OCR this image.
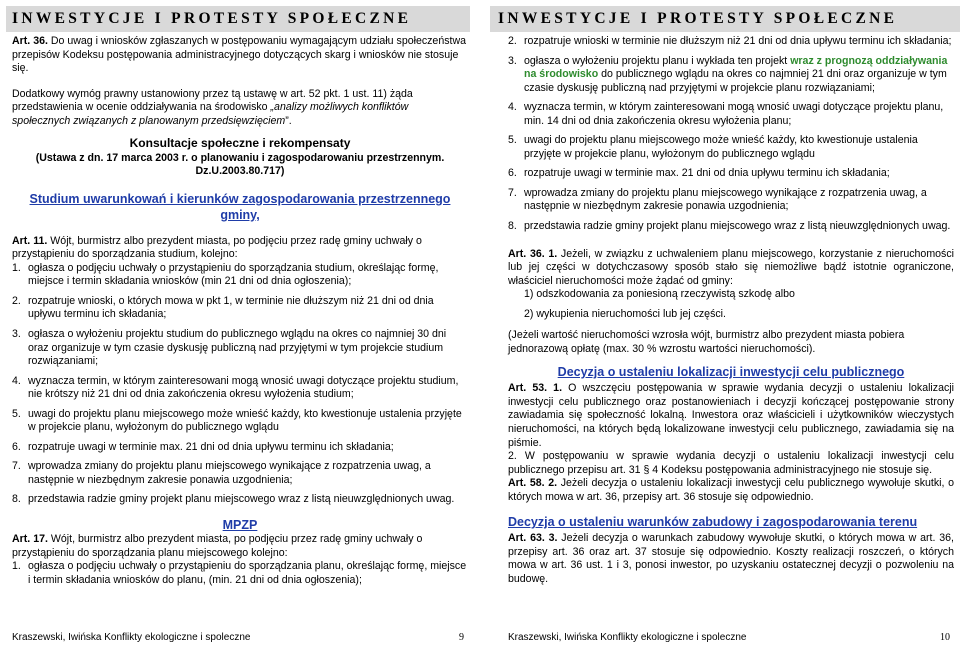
INWESTYCJE I PROTESTY SPOŁECZNE

Art. 36. Do uwag i wniosków zgłaszanych w postępowaniu wymagającym udziału społeczeństwa przepisów Kodeksu postępowania administracyjnego dotyczących skarg i wniosków nie stosuje się.

Dodatkowy wymóg prawny ustanowiony przez tą ustawę w art. 52 pkt. 1 ust. 11) żąda przedstawienia w ocenie oddziaływania na środowisko „analizy możliwych konfliktów społecznych związanych z planowanym przedsięwzięciem”.

Konsultacje społeczne i rekompensaty
(Ustawa z dn. 17 marca 2003 r. o planowaniu i zagospodarowaniu przestrzennym. Dz.U.2003.80.717)
Studium uwarunkowań i kierunków zagospodarowania przestrzennego gminy,

Art. 11. Wójt, burmistrz albo prezydent miasta, po podjęciu przez radę gminy uchwały o przystąpieniu do sporządzania studium, kolejno:

1. ogłasza o podjęciu uchwały o przystąpieniu do sporządzania studium, określając formę, miejsce i termin składania wniosków (min 21 dni od dnia ogłoszenia);
2. rozpatruje wnioski, o których mowa w pkt 1, w terminie nie dłuższym niż 21 dni od dnia upływu terminu ich składania;
3. ogłasza o wyłożeniu projektu studium do publicznego wglądu na okres co najmniej 30 dni oraz organizuje w tym czasie dyskusję publiczną nad przyjętymi w tym projekcie studium rozwiązaniami;
4. wyznacza termin, w którym zainteresowani mogą wnosić uwagi dotyczące projektu studium, nie krótszy niż 21 dni od dnia zakończenia okresu wyłożenia studium;
5. uwagi do projektu planu miejscowego może wnieść każdy, kto kwestionuje ustalenia przyjęte w projekcie planu, wyłożonym do publicznego wglądu
6. rozpatruje uwagi w terminie max. 21 dni od dnia upływu terminu ich składania;
7. wprowadza zmiany do projektu planu miejscowego wynikające z rozpatrzenia uwag, a następnie w niezbędnym zakresie ponawia uzgodnienia;
8. przedstawia radzie gminy projekt planu miejscowego wraz z listą nieuwzględnionych uwag.
MPZP

Art. 17. Wójt, burmistrz albo prezydent miasta, po podjęciu przez radę gminy uchwały o przystąpieniu do sporządzania planu miejscowego kolejno:

1. ogłasza o podjęciu uchwały o przystąpieniu do sporządzania planu, określając formę, miejsce i termin składania wniosków do planu, (min. 21 dni od dnia ogłoszenia);
Kraszewski, Iwińska Konflikty ekologiczne i spoleczne	9
INWESTYCJE I PROTESTY SPOŁECZNE
2. rozpatruje wnioski w terminie nie dłuższym niż 21 dni od dnia upływu terminu ich składania;
3. ogłasza o wyłożeniu projektu planu i wykłada ten projekt wraz z prognozą oddziaływania na środowisko do publicznego wglądu na okres co najmniej 21 dni oraz organizuje w tym czasie dyskusję publiczną nad przyjętymi w projekcie planu rozwiązaniami;
4. wyznacza termin, w którym zainteresowani mogą wnosić uwagi dotyczące projektu planu, min. 14 dni od dnia zakończenia okresu wyłożenia planu;
5. uwagi do projektu planu miejscowego może wnieść każdy, kto kwestionuje ustalenia przyjęte w projekcie planu, wyłożonym do publicznego wglądu
6. rozpatruje uwagi w terminie max. 21 dni od dnia upływu terminu ich składania;
7. wprowadza zmiany do projektu planu miejscowego wynikające z rozpatrzenia uwag, a następnie w niezbędnym zakresie ponawia uzgodnienia;
8. przedstawia radzie gminy projekt planu miejscowego wraz z listą nieuwzględnionych uwag.

Art. 36. 1. Jeżeli, w związku z uchwaleniem planu miejscowego, korzystanie z nieruchomości lub jej części w dotychczasowy sposób stało się niemożliwe bądź istotnie ograniczone, właściciel nieruchomości może żądać od gminy:

1) odszkodowania za poniesioną rzeczywistą szkodę albo

2) wykupienia nieruchomości lub jej części.

(Jeżeli wartość nieruchomości wzrosła wójt, burmistrz albo prezydent miasta pobiera jednorazową opłatę (max. 30 % wzrostu wartości nieruchomości).

Decyzja o ustaleniu lokalizacji inwestycji celu publicznego

Art. 53. 1. O wszczęciu postępowania w sprawie wydania decyzji o ustaleniu lokalizacji inwestycji celu publicznego oraz postanowieniach i decyzji kończącej postępowanie strony zawiadamia się społeczność lokalną. Inwestora oraz właścicieli i użytkowników wieczystych nieruchomości, na których będą lokalizowane inwestycji celu publicznego, zawiadamia się na piśmie.

2. W postępowaniu w sprawie wydania decyzji o ustaleniu lokalizacji inwestycji celu publicznego przepisu art. 31 § 4 Kodeksu postępowania administracyjnego nie stosuje się.

Art. 58. 2. Jeżeli decyzja o ustaleniu lokalizacji inwestycji celu publicznego wywołuje skutki, o których mowa w art. 36, przepisy art. 36 stosuje się odpowiednio.

Decyzja o ustaleniu warunków zabudowy i zagospodarowania terenu

Art. 63. 3. Jeżeli decyzja o warunkach zabudowy wywołuje skutki, o których mowa w art. 36, przepisy art. 36 oraz art. 37 stosuje się odpowiednio. Koszty realizacji roszczeń, o których mowa w art. 36 ust. 1 i 3, ponosi inwestor, po uzyskaniu ostatecznej decyzji o pozwoleniu na budowę.

Kraszewski, Iwińska Konflikty ekologiczne i spoleczne	10
